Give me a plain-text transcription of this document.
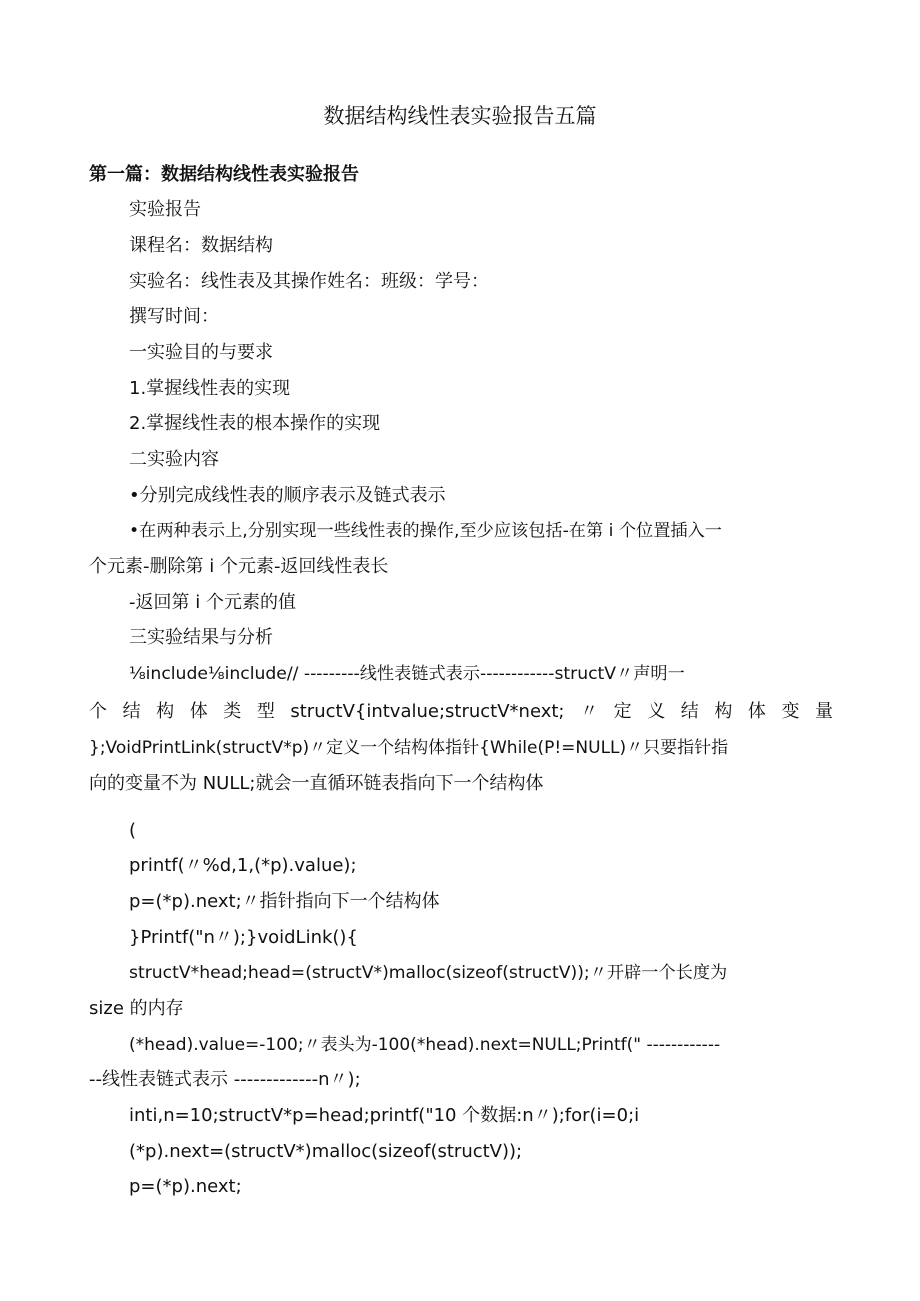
数据结构线性表实验报告五篇
第一篇：数据结构线性表实验报告
实验报告
课程名：数据结构
实验名：线性表及其操作姓名：班级：学号：
撰写时间：
一实验目的与要求
1.掌握线性表的实现
2.掌握线性表的根本操作的实现
二实验内容
•分别完成线性表的顺序表示及链式表示
•在两种表示上,分别实现一些线性表的操作,至少应该包括-在第 i 个位置插入一
个元素-删除第 i 个元素-返回线性表长
-返回第 i 个元素的值
三实验结果与分析
⅛include⅛include// ---------线性表链式表示------------structV〃声明一
个 结 构 体 类 型 structV{intvalue;structV*next; 〃 定 义 结 构 体 变 量
};VoidPrintLink(structV*p)〃定义一个结构体指针{While(P!=NULL)〃只要指针指
向的变量不为 NULL;就会一直循环链表指向下一个结构体
(
printf(〃%d,1,(*p).value);
p=(*p).next;〃指针指向下一个结构体
}Printf("n〃);}voidLink(){
structV*head;head=(structV*)malloc(sizeof(structV));〃开辟一个长度为
size 的内存
(*head).value=-100;〃表头为-100(*head).next=NULL;Printf(" ------------
--线性表链式表示 -------------n〃);
inti,n=10;structV*p=head;printf("10 个数据:n〃);for(i=0;i
(*p).next=(structV*)malloc(sizeof(structV));
p=(*p).next;
